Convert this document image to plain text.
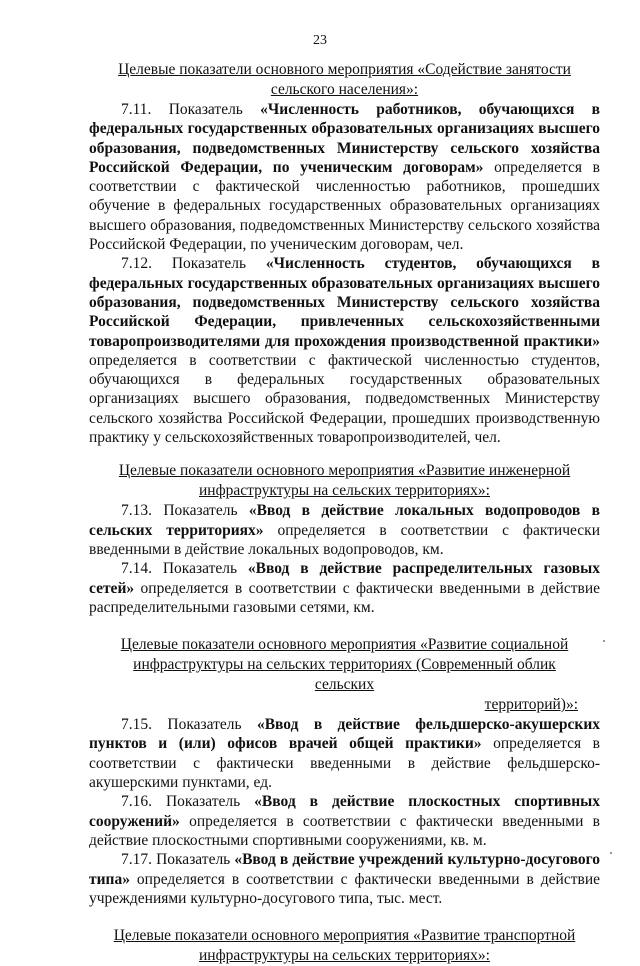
23
Целевые показатели основного мероприятия «Содействие занятости
сельского населения»:

7.11. Показатель «Численность работников, обучающихся в федеральных государственных образовательных организациях высшего образования, подведомственных Министерству сельского хозяйства Российской Федерации, по ученическим договорам» определяется в соответствии с фактической численностью работников, прошедших обучение в федеральных государственных образовательных организациях высшего образования, подведомственных Министерству сельского хозяйства Российской Федерации, по ученическим договорам, чел.

7.12. Показатель «Численность студентов, обучающихся в федеральных государственных образовательных организациях высшего образования, подведомственных Министерству сельского хозяйства Российской Федерации, привлеченных сельскохозяйственными товаропроизводителями для прохождения производственной практики» определяется в соответствии с фактической численностью студентов, обучающихся в федеральных государственных образовательных организациях высшего образования, подведомственных Министерству сельского хозяйства Российской Федерации, прошедших производственную практику у сельскохозяйственных товаропроизводителей, чел.

Целевые показатели основного мероприятия «Развитие инженерной
инфраструктуры на сельских территориях»:

7.13. Показатель «Ввод в действие локальных водопроводов в сельских территориях» определяется в соответствии с фактически введенными в действие локальных водопроводов, км.

7.14. Показатель «Ввод в действие распределительных газовых сетей» определяется в соответствии с фактически введенными в действие распределительными газовыми сетями, км.

Целевые показатели основного мероприятия «Развитие социальной
инфраструктуры на сельских территориях (Современный облик сельских
территорий)»:

7.15. Показатель «Ввод в действие фельдшерско-акушерских пунктов и (или) офисов врачей общей практики» определяется в соответствии с фактически введенными в действие фельдшерско-акушерскими пунктами, ед.

7.16. Показатель «Ввод в действие плоскостных спортивных сооружений» определяется в соответствии с фактически введенными в действие плоскостными спортивными сооружениями, кв. м.

7.17. Показатель «Ввод в действие учреждений культурно-досугового типа» определяется в соответствии с фактически введенными в действие учреждениями культурно-досугового типа, тыс. мест.

Целевые показатели основного мероприятия «Развитие транспортной
инфраструктуры на сельских территориях»:
